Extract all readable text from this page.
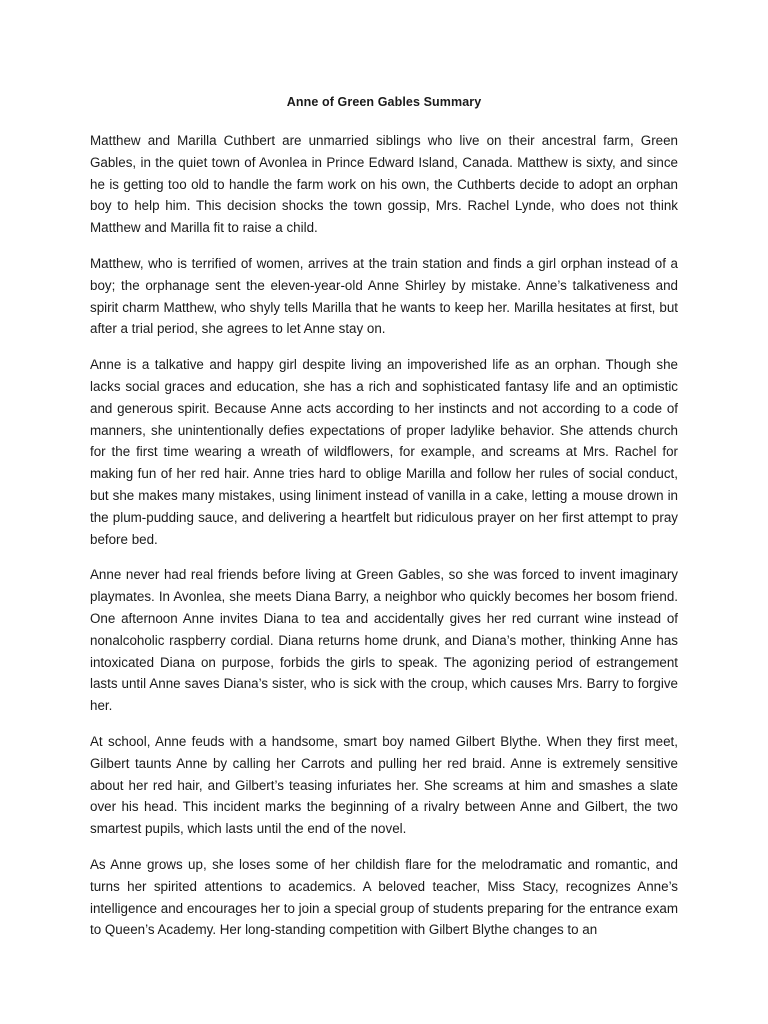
Anne of Green Gables Summary

Matthew and Marilla Cuthbert are unmarried siblings who live on their ancestral farm, Green Gables, in the quiet town of Avonlea in Prince Edward Island, Canada. Matthew is sixty, and since he is getting too old to handle the farm work on his own, the Cuthberts decide to adopt an orphan boy to help him. This decision shocks the town gossip, Mrs. Rachel Lynde, who does not think Matthew and Marilla fit to raise a child.

Matthew, who is terrified of women, arrives at the train station and finds a girl orphan instead of a boy; the orphanage sent the eleven-year-old Anne Shirley by mistake. Anne’s talkativeness and spirit charm Matthew, who shyly tells Marilla that he wants to keep her. Marilla hesitates at first, but after a trial period, she agrees to let Anne stay on.

Anne is a talkative and happy girl despite living an impoverished life as an orphan. Though she lacks social graces and education, she has a rich and sophisticated fantasy life and an optimistic and generous spirit. Because Anne acts according to her instincts and not according to a code of manners, she unintentionally defies expectations of proper ladylike behavior. She attends church for the first time wearing a wreath of wildflowers, for example, and screams at Mrs. Rachel for making fun of her red hair. Anne tries hard to oblige Marilla and follow her rules of social conduct, but she makes many mistakes, using liniment instead of vanilla in a cake, letting a mouse drown in the plum-pudding sauce, and delivering a heartfelt but ridiculous prayer on her first attempt to pray before bed.

Anne never had real friends before living at Green Gables, so she was forced to invent imaginary playmates. In Avonlea, she meets Diana Barry, a neighbor who quickly becomes her bosom friend. One afternoon Anne invites Diana to tea and accidentally gives her red currant wine instead of nonalcoholic raspberry cordial. Diana returns home drunk, and Diana’s mother, thinking Anne has intoxicated Diana on purpose, forbids the girls to speak. The agonizing period of estrangement lasts until Anne saves Diana’s sister, who is sick with the croup, which causes Mrs. Barry to forgive her.

At school, Anne feuds with a handsome, smart boy named Gilbert Blythe. When they first meet, Gilbert taunts Anne by calling her Carrots and pulling her red braid. Anne is extremely sensitive about her red hair, and Gilbert’s teasing infuriates her. She screams at him and smashes a slate over his head. This incident marks the beginning of a rivalry between Anne and Gilbert, the two smartest pupils, which lasts until the end of the novel.

As Anne grows up, she loses some of her childish flare for the melodramatic and romantic, and turns her spirited attentions to academics. A beloved teacher, Miss Stacy, recognizes Anne’s intelligence and encourages her to join a special group of students preparing for the entrance exam to Queen’s Academy. Her long-standing competition with Gilbert Blythe changes to an
